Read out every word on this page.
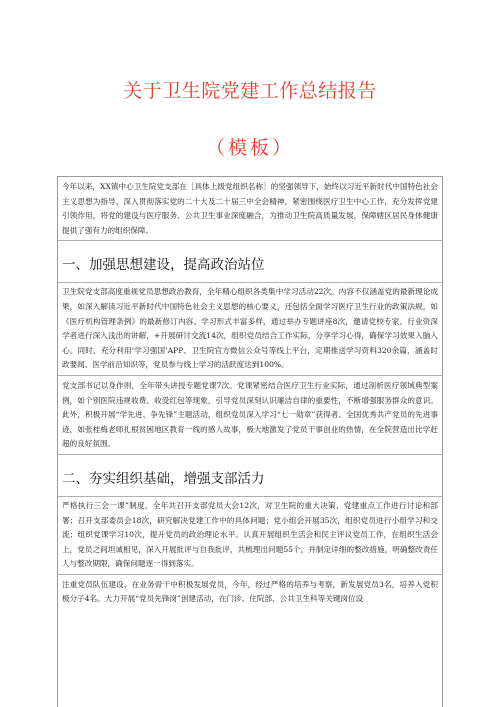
关于卫生院党建工作总结报告
（模板）

今年以来，XX镇中心卫生院党支部在［具体上级党组织名称］的坚强领导下，始终以习近平新时代中国特色社会主义思想为指导，深入贯彻落实党的二十大及二十届三中全会精神，紧密围绕医疗卫生中心工作，充分发挥党建引领作用，将党的建设与医疗服务、公共卫生事业深度融合，为推动卫生院高质量发展，保障辖区居民身体健康提供了强有力的组织保障。

一、加强思想建设，提高政治站位

卫生院党支部高度重视党员思想政治教育，全年精心组织各类集中学习活动22次。内容不仅涵盖党的最新理论成果，如深入解读习近平新时代中国特色社会主义思想的核心要义，还包括全面学习医疗卫生行业的政策法规，如《医疗机构管理条例》的最新修订内容。学习形式丰富多样，通过举办专题讲座8次，邀请党校专家、行业资深学者进行深入浅出的讲解，+开展研讨交流14次，组织党员结合工作实际，分享学习心得，确保学习效果入脑入心。同时，充分利用‘学习强国’APP、卫生院官方微信公众号等线上平台，定期推送学习资料320余篇，涵盖时政要闻、医学前沿知识等，党员参与线上学习的活跃度达到100%。

党支部书记以身作则，全年带头讲授专题党课7次。党课紧密结合医疗卫生行业实际，通过剖析医疗领域典型案例，如个别医院违规收费、收受红包等现象，引导党员深刻认识廉洁自律的重要性，不断增强服务群众的意识。此外，积极开展“学先进、争先锋”主题活动，组织党员深入学习“七一勋章”获得者、全国优秀共产党员的先进事迹，如张桂梅老师扎根贫困地区教育一线的感人故事，极大地激发了党员干事创业的热情，在全院营造出比学赶超的良好氛围。

二、夯实组织基础，增强支部活力

严格执行三会一课”制度，全年共召开支部党员大会12次，对卫生院的重大决策、党建重点工作进行讨论和部署；召开支部委员会18次，研究解决党建工作中的具体问题；党小组会开展35次，组织党员进行小组学习和交流；组织党课学习10次，提升党员的政治理论水平。认真开展组织生活会和民主评议党员工作，在组织生活会上，党员之间坦诚相见，深入开展批评与自我批评，共梳理出问题55个，并制定详细的整改措施，明确整改责任人与整改期限，确保问题逐一得到落实。

注重党员队伍建设，在业务骨干中积极发展党员，今年，经过严格的培养与考察，新发展党员3名，培养入党积极分子4名。大力开展“党员先锋岗”创建活动，在门诊、住院部、公共卫生科等关键岗位设
